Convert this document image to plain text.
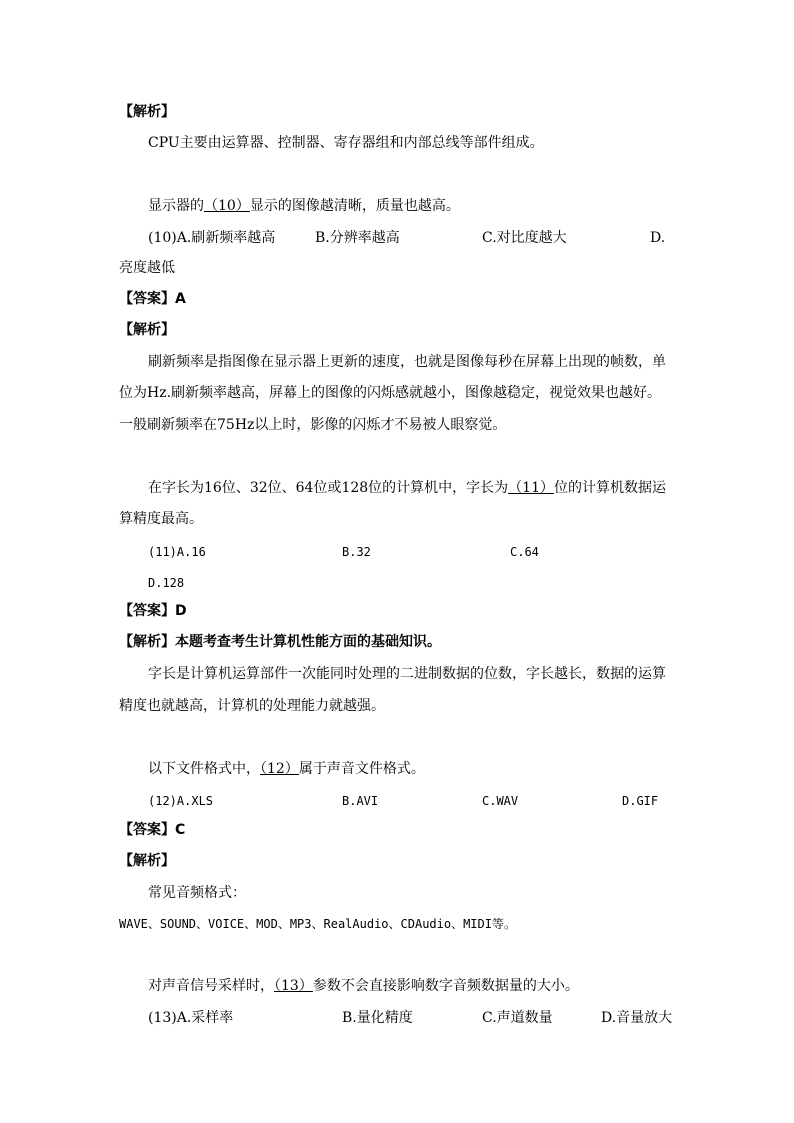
【解析】
CPU主要由运算器、控制器、寄存器组和内部总线等部件组成。
显示器的（10）显示的图像越清晰，质量也越高。
(10)A.刷新频率越高	B.分辨率越高	C.对比度越大	D.
亮度越低
【答案】A
【解析】
刷新频率是指图像在显示器上更新的速度，也就是图像每秒在屏幕上出现的帧数，单
位为Hz.刷新频率越高，屏幕上的图像的闪烁感就越小，图像越稳定，视觉效果也越好。
一般刷新频率在75Hz以上时，影像的闪烁才不易被人眼察觉。
在字长为16位、32位、64位或128位的计算机中，字长为（11）位的计算机数据运
算精度最高。
(11)A.16	B.32	C.64
D.128
【答案】D
【解析】本题考查考生计算机性能方面的基础知识。
字长是计算机运算部件一次能同时处理的二进制数据的位数，字长越长，数据的运算
精度也就越高，计算机的处理能力就越强。
以下文件格式中，（12）属于声音文件格式。
(12)A.XLS	B.AVI	C.WAV	D.GIF
【答案】C
【解析】
常见音频格式：
WAVE、SOUND、VOICE、MOD、MP3、RealAudio、CDAudio、MIDI等。
对声音信号采样时，（13）参数不会直接影响数字音频数据量的大小。
(13)A.采样率	B.量化精度	C.声道数量	D.音量放大
